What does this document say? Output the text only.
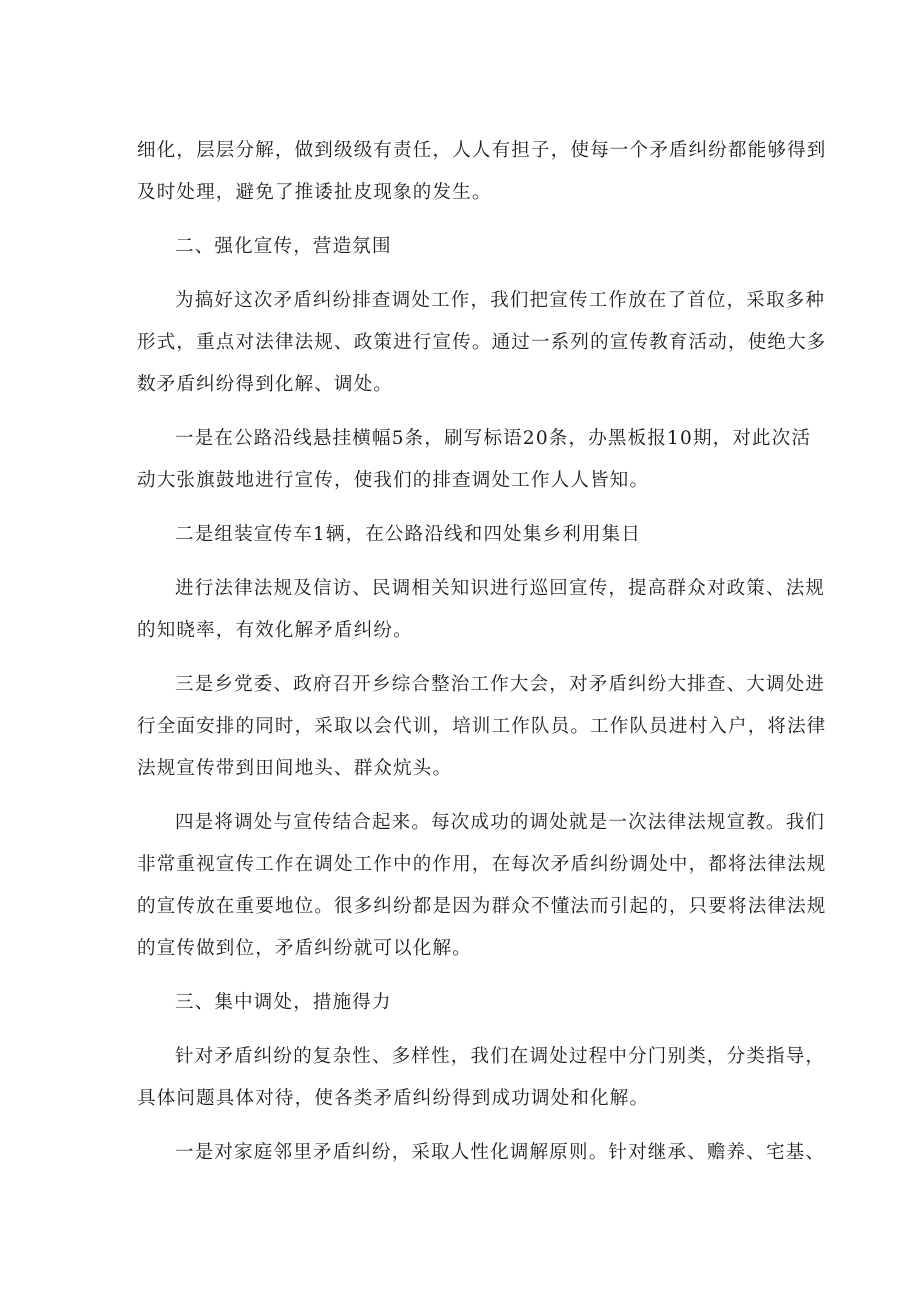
细化，层层分解，做到级级有责任，人人有担子，使每一个矛盾纠纷都能够得到
及时处理，避免了推诿扯皮现象的发生。
二、强化宣传，营造氛围
为搞好这次矛盾纠纷排查调处工作，我们把宣传工作放在了首位，采取多种
形式，重点对法律法规、政策进行宣传。通过一系列的宣传教育活动，使绝大多
数矛盾纠纷得到化解、调处。
一是在公路沿线悬挂横幅5条，刷写标语20条，办黑板报10期，对此次活
动大张旗鼓地进行宣传，使我们的排查调处工作人人皆知。
二是组装宣传车1辆，在公路沿线和四处集乡利用集日
进行法律法规及信访、民调相关知识进行巡回宣传，提高群众对政策、法规
的知晓率，有效化解矛盾纠纷。
三是乡党委、政府召开乡综合整治工作大会，对矛盾纠纷大排查、大调处进
行全面安排的同时，采取以会代训，培训工作队员。工作队员进村入户，将法律
法规宣传带到田间地头、群众炕头。
四是将调处与宣传结合起来。每次成功的调处就是一次法律法规宣教。我们
非常重视宣传工作在调处工作中的作用，在每次矛盾纠纷调处中，都将法律法规
的宣传放在重要地位。很多纠纷都是因为群众不懂法而引起的，只要将法律法规
的宣传做到位，矛盾纠纷就可以化解。
三、集中调处，措施得力
针对矛盾纠纷的复杂性、多样性，我们在调处过程中分门别类，分类指导，
具体问题具体对待，使各类矛盾纠纷得到成功调处和化解。
一是对家庭邻里矛盾纠纷，采取人性化调解原则。针对继承、赡养、宅基、
